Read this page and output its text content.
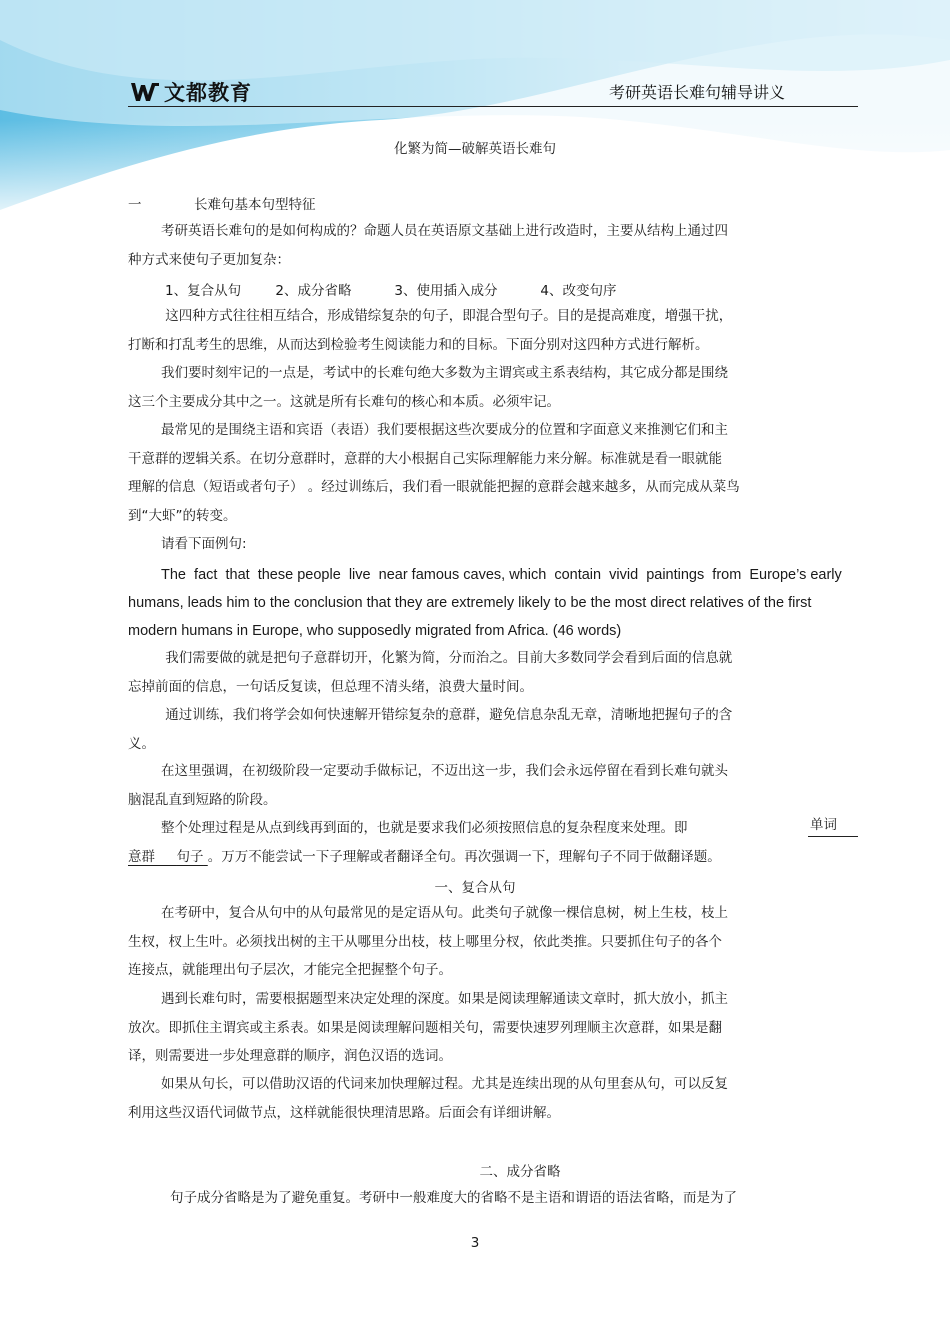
文都教育	考研英语长难句辅导讲义
化繁为简—破解英语长难句
一	长难句基本句型特征
考研英语长难句的是如何构成的？命题人员在英语原文基础上进行改造时，主要从结构上通过四
种方式来使句子更加复杂：
1、复合从句        2、成分省略          3、使用插入成分          4、改变句序
这四种方式往往相互结合，形成错综复杂的句子，即混合型句子。目的是提高难度，增强干扰，
打断和打乱考生的思维，从而达到检验考生阅读能力和的目标。下面分别对这四种方式进行解析。
我们要时刻牢记的一点是，考试中的长难句绝大多数为主谓宾或主系表结构，其它成分都是围绕
这三个主要成分其中之一。这就是所有长难句的核心和本质。必须牢记。
最常见的是围绕主语和宾语（表语）我们要根据这些次要成分的位置和字面意义来推测它们和主
干意群的逻辑关系。在切分意群时，意群的大小根据自己实际理解能力来分解。标准就是看一眼就能
理解的信息（短语或者句子） 。经过训练后，我们看一眼就能把握的意群会越来越多，从而完成从菜鸟
到“大虾”的转变。
请看下面例句:
The  fact  that  these people  live  near famous caves, which  contain  vivid  paintings  from  Europe’s early
humans, leads him to the conclusion that they are extremely likely to be the most direct relatives of the first
modern humans in Europe, who supposedly migrated from Africa. (46 words)
我们需要做的就是把句子意群切开，化繁为简，分而治之。目前大多数同学会看到后面的信息就
忘掉前面的信息，一句话反复读，但总理不清头绪，浪费大量时间。
通过训练，我们将学会如何快速解开错综复杂的意群，避免信息杂乱无章，清晰地把握句子的含
义。
在这里强调，在初级阶段一定要动手做标记，不迈出这一步，我们会永远停留在看到长难句就头
脑混乱直到短路的阶段。
整个处理过程是从点到线再到面的，也就是要求我们必须按照信息的复杂程度来处理。即	单词
意群 句子 。万万不能尝试一下子理解或者翻译全句。再次强调一下，理解句子不同于做翻译题。
一、复合从句
在考研中，复合从句中的从句最常见的是定语从句。此类句子就像一棵信息树，树上生枝，枝上
生杈，杈上生叶。必须找出树的主干从哪里分出枝，枝上哪里分杈，依此类推。只要抓住句子的各个
连接点，就能理出句子层次，才能完全把握整个句子。
遇到长难句时，需要根据题型来决定处理的深度。如果是阅读理解通读文章时，抓大放小，抓主
放次。即抓住主谓宾或主系表。如果是阅读理解问题相关句，需要快速罗列理顺主次意群，如果是翻
译，则需要进一步处理意群的顺序，润色汉语的选词。
如果从句长，可以借助汉语的代词来加快理解过程。尤其是连续出现的从句里套从句，可以反复
利用这些汉语代词做节点，这样就能很快理清思路。后面会有详细讲解。
二、成分省略
句子成分省略是为了避免重复。考研中一般难度大的省略不是主语和谓语的语法省略，而是为了
3
